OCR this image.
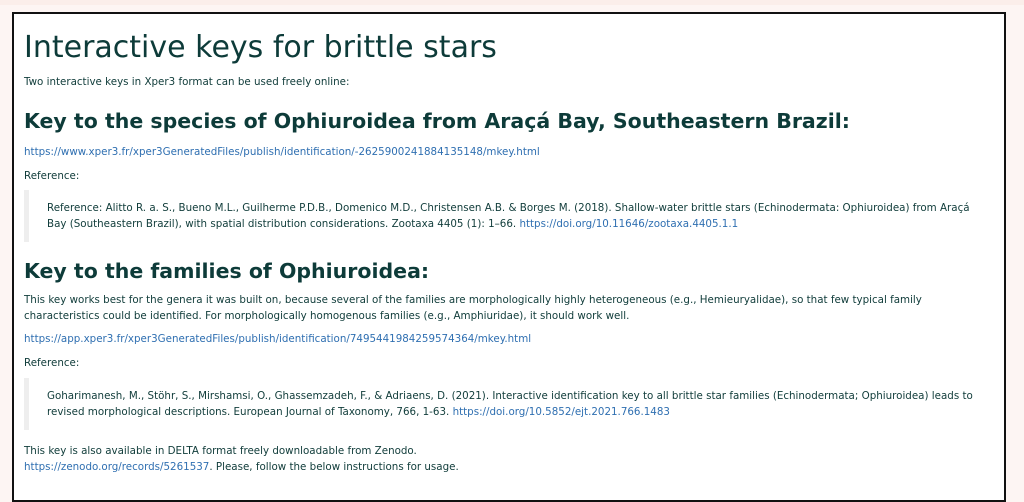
Interactive keys for brittle stars
Two interactive keys in Xper3 format can be used freely online:
Key to the species of Ophiuroidea from Araçá Bay, Southeastern Brazil:
https://www.xper3.fr/xper3GeneratedFiles/publish/identification/-2625900241884135148/mkey.html
Reference:
Reference: Alitto R. a. S., Bueno M.L., Guilherme P.D.B., Domenico M.D., Christensen A.B. & Borges M. (2018). Shallow-water brittle stars (Echinodermata: Ophiuroidea) from Araçá Bay (Southeastern Brazil), with spatial distribution considerations. Zootaxa 4405 (1): 1–66. https://doi.org/10.11646/zootaxa.4405.1.1
Key to the families of Ophiuroidea:
This key works best for the genera it was built on, because several of the families are morphologically highly heterogeneous (e.g., Hemieuryalidae), so that few typical family characteristics could be identified. For morphologically homogenous families (e.g., Amphiuridae), it should work well.
https://app.xper3.fr/xper3GeneratedFiles/publish/identification/7495441984259574364/mkey.html
Reference:
Goharimanesh, M., Stöhr, S., Mirshamsi, O., Ghassemzadeh, F., & Adriaens, D. (2021). Interactive identification key to all brittle star families (Echinodermata; Ophiuroidea) leads to revised morphological descriptions. European Journal of Taxonomy, 766, 1-63. https://doi.org/10.5852/ejt.2021.766.1483
This key is also available in DELTA format freely downloadable from Zenodo.
https://zenodo.org/records/5261537. Please, follow the below instructions for usage.
